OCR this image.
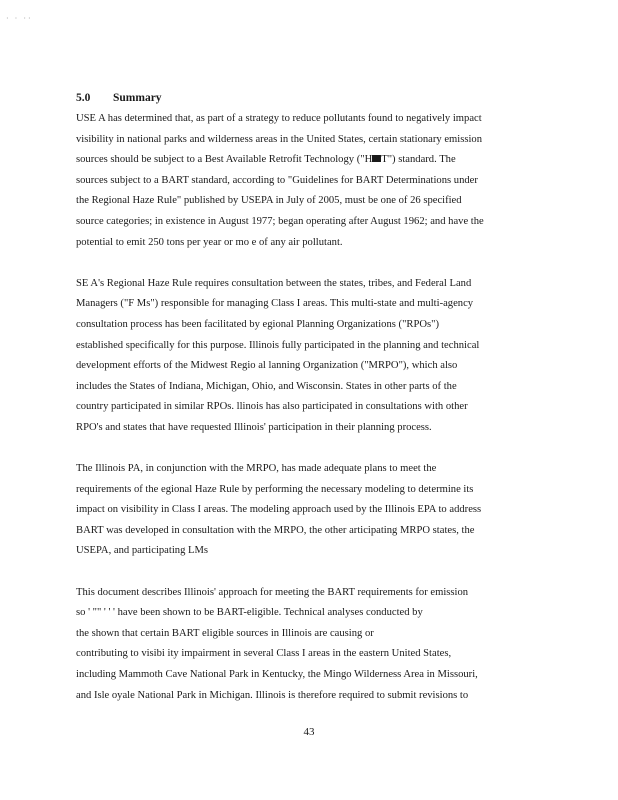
· · ··
5.0 Summary
USE A has determined that, as part of a strategy to reduce pollutants found to negatively impact
visibility in national parks and wilderness areas in the United States, certain stationary emission
sources should be subject to a Best Available Retrofit Technology ("H T") standard. The
sources subject to a BART standard, according to "Guidelines for BART Determinations under
the Regional Haze Rule" published by USEPA in July of 2005, must be one of 26 specified
source categories; in existence in August 1977; began operating after August 1962; and have the
potential to emit 250 tons per year or mo e of any air pollutant.
SE A's Regional Haze Rule requires consultation between the states, tribes, and Federal Land
Managers ("F Ms") responsible for managing Class I areas. This multi-state and multi-agency
consultation process has been facilitated by egional Planning Organizations ("RPOs")
established specifically for this purpose. Illinois fully participated in the planning and technical
development efforts of the Midwest Regio al lanning Organization ("MRPO"), which also
includes the States of Indiana, Michigan, Ohio, and Wisconsin. States in other parts of the
country participated in similar RPOs. llinois has also participated in consultations with other
RPO's and states that have requested Illinois' participation in their planning process.
The Illinois PA, in conjunction with the MRPO, has made adequate plans to meet the
requirements of the egional Haze Rule by performing the necessary modeling to determine its
impact on visibility in Class I areas. The modeling approach used by the Illinois EPA to address
BART was developed in consultation with the MRPO, the other articipating MRPO states, the
USEPA, and participating LMs
This document describes Illinois' approach for meeting the BART requirements for emission
so ' "" ' ' ' have been shown to be BART-eligible. Technical analyses conducted by
the shown that certain BART eligible sources in Illinois are causing or
contributing to visibi ity impairment in several Class I areas in the eastern United States,
including Mammoth Cave National Park in Kentucky, the Mingo Wilderness Area in Missouri,
and Isle oyale National Park in Michigan. Illinois is therefore required to submit revisions to
43
